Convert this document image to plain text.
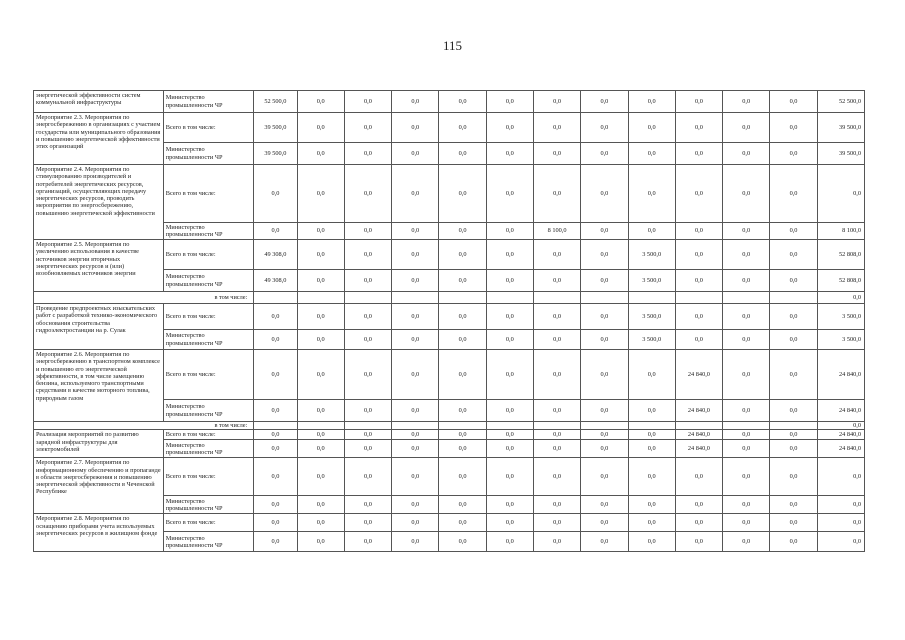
115
энергетической эффективности систем коммунальной инфраструктуры	Министерство промышленности ЧР	52 500,0	0,0	0,0	0,0	0,0	0,0	0,0	0,0	0,0	0,0	0,0	0,0	52 500,0
Мероприятие 2.3. Мероприятия по энергосбережению в организациях с участием государства или муниципального образования и повышению энергетической эффективности этих организаций	Всего в том числе:	39 500,0	0,0	0,0	0,0	0,0	0,0	0,0	0,0	0,0	0,0	0,0	0,0	39 500,0
	Министерство промышленности ЧР	39 500,0	0,0	0,0	0,0	0,0	0,0	0,0	0,0	0,0	0,0	0,0	0,0	39 500,0
Мероприятие 2.4. Мероприятия по стимулированию производителей и потребителей энергетических ресурсов, организаций, осуществляющих передачу энергетических ресурсов, проводить мероприятия по энергосбережению, повышению энергетической эффективности	Всего в том числе:	0,0	0,0	0,0	0,0	0,0	0,0	0,0	0,0	0,0	0,0	0,0	0,0	0,0
	Министерство промышленности ЧР	0,0	0,0	0,0	0,0	0,0	0,0	8 100,0	0,0	0,0	0,0	0,0	0,0	8 100,0
Мероприятие 2.5. Мероприятия по увеличению использования в качестве источников энергии вторичных энергетических ресурсов и (или) возобновляемых источников энергии	Всего в том числе:	49 308,0	0,0	0,0	0,0	0,0	0,0	0,0	0,0	3 500,0	0,0	0,0	0,0	52 808,0
	Министерство промышленности ЧР	49 308,0	0,0	0,0	0,0	0,0	0,0	0,0	0,0	3 500,0	0,0	0,0	0,0	52 808,0
в том числе:														0,0
Проведение предпроектных изыскательских работ с разработкой технико-экономического обоснования строительства гидроэлектростанции на р. Сулак	Всего в том числе:	0,0	0,0	0,0	0,0	0,0	0,0	0,0	0,0	3 500,0	0,0	0,0	0,0	3 500,0
	Министерство промышленности ЧР	0,0	0,0	0,0	0,0	0,0	0,0	0,0	0,0	3 500,0	0,0	0,0	0,0	3 500,0
Мероприятие 2.6. Мероприятия по энергосбережению в транспортном комплексе и повышению его энергетической эффективности, в том числе замещению бензина, используемого транспортными средствами в качестве моторного топлива, природным газом	Всего в том числе:	0,0	0,0	0,0	0,0	0,0	0,0	0,0	0,0	0,0	24 840,0	0,0	0,0	24 840,0
	Министерство промышленности ЧР	0,0	0,0	0,0	0,0	0,0	0,0	0,0	0,0	0,0	24 840,0	0,0	0,0	24 840,0
в том числе:														0,0
Реализация мероприятий по развитию зарядной инфраструктуры для электромобилей	Всего в том числе:	0,0	0,0	0,0	0,0	0,0	0,0	0,0	0,0	0,0	24 840,0	0,0	0,0	24 840,0
	Министерство промышленности ЧР	0,0	0,0	0,0	0,0	0,0	0,0	0,0	0,0	0,0	24 840,0	0,0	0,0	24 840,0
Мероприятие 2.7. Мероприятия по информационному обеспечению и пропаганде в области энергосбережения и повышению энергетической эффективности в Чеченской Республике	Всего в том числе:	0,0	0,0	0,0	0,0	0,0	0,0	0,0	0,0	0,0	0,0	0,0	0,0	0,0
	Министерство промышленности ЧР	0,0	0,0	0,0	0,0	0,0	0,0	0,0	0,0	0,0	0,0	0,0	0,0	0,0
Мероприятие 2.8. Мероприятия по оснащению приборами учета используемых энергетических ресурсов в жилищном фонде	Всего в том числе:	0,0	0,0	0,0	0,0	0,0	0,0	0,0	0,0	0,0	0,0	0,0	0,0	0,0
	Министерство промышленности ЧР	0,0	0,0	0,0	0,0	0,0	0,0	0,0	0,0	0,0	0,0	0,0	0,0	0,0
